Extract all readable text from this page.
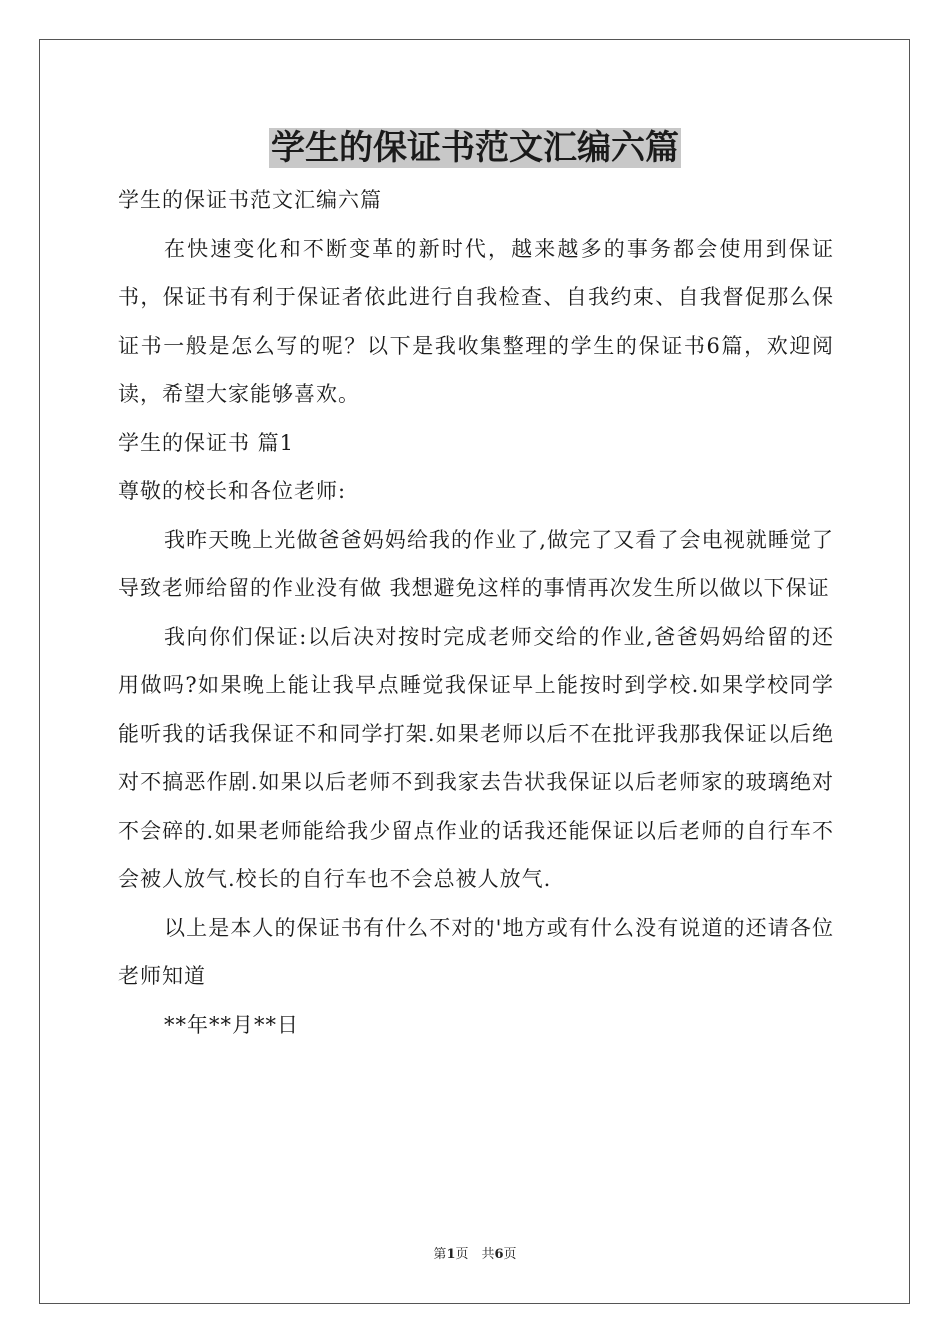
学生的保证书范文汇编六篇

学生的保证书范文汇编六篇

在快速变化和不断变革的新时代，越来越多的事务都会使用到保证书，保证书有利于保证者依此进行自我检查、自我约束、自我督促那么保证书一般是怎么写的呢？以下是我收集整理的学生的保证书6篇，欢迎阅读，希望大家能够喜欢。

学生的保证书 篇1

尊敬的校长和各位老师:

我昨天晚上光做爸爸妈妈给我的作业了,做完了又看了会电视就睡觉了导致老师给留的作业没有做 我想避免这样的事情再次发生所以做以下保证

我向你们保证:以后决对按时完成老师交给的作业,爸爸妈妈给留的还用做吗?如果晚上能让我早点睡觉我保证早上能按时到学校.如果学校同学能听我的话我保证不和同学打架.如果老师以后不在批评我那我保证以后绝对不搞恶作剧.如果以后老师不到我家去告状我保证以后老师家的玻璃绝对不会碎的.如果老师能给我少留点作业的话我还能保证以后老师的自行车不会被人放气.校长的自行车也不会总被人放气.

以上是本人的保证书有什么不对的'地方或有什么没有说道的还请各位老师知道

**年**月**日

第1页　共6页
